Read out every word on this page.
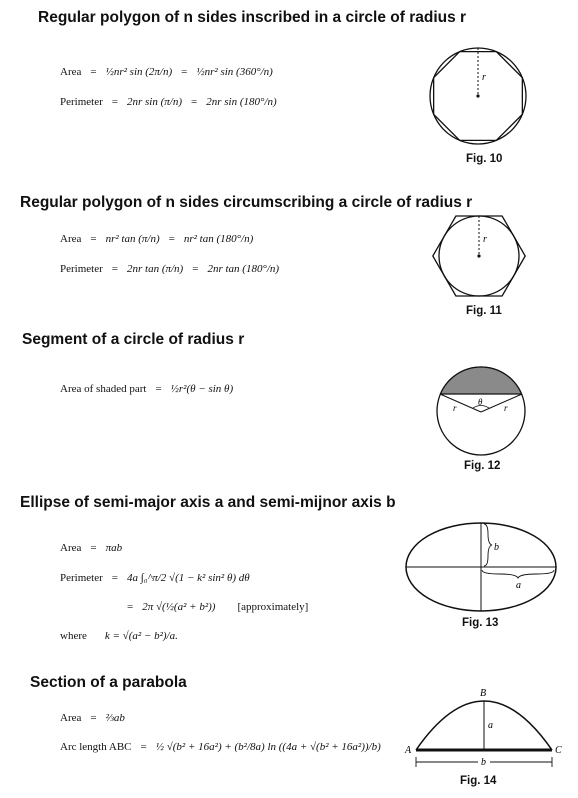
Regular polygon of n sides inscribed in a circle of radius r
Area = ½nr² sin (2π/n) = ½nr² sin (360°/n)
Perimeter = 2nr sin (π/n) = 2nr sin (180°/n)
r
Fig. 10
Regular polygon of n sides circumscribing a circle of radius r
Area = nr² tan (π/n) = nr² tan (180°/n)
Perimeter = 2nr tan (π/n) = 2nr tan (180°/n)
r
Fig. 11
Segment of a circle of radius r
Area of shaded part = ½r²(θ − sin θ)
θ
r	r
Fig. 12
Ellipse of semi-major axis a and semi-mijnor axis b
Area = πab
Perimeter = 4a ∫₀^π/2 √(1 − k² sin² θ) dθ
= 2π √(½(a² + b²))	[approximately]
where k = √(a² − b²)/a.
b
a
Fig. 13
Section of a parabola
Area = ⅔ab
Arc length ABC = ½ √(b² + 16a²) + (b²/8a) ln ((4a + √(b² + 16a²))/b)
B
a
A	C
b
Fig. 14
